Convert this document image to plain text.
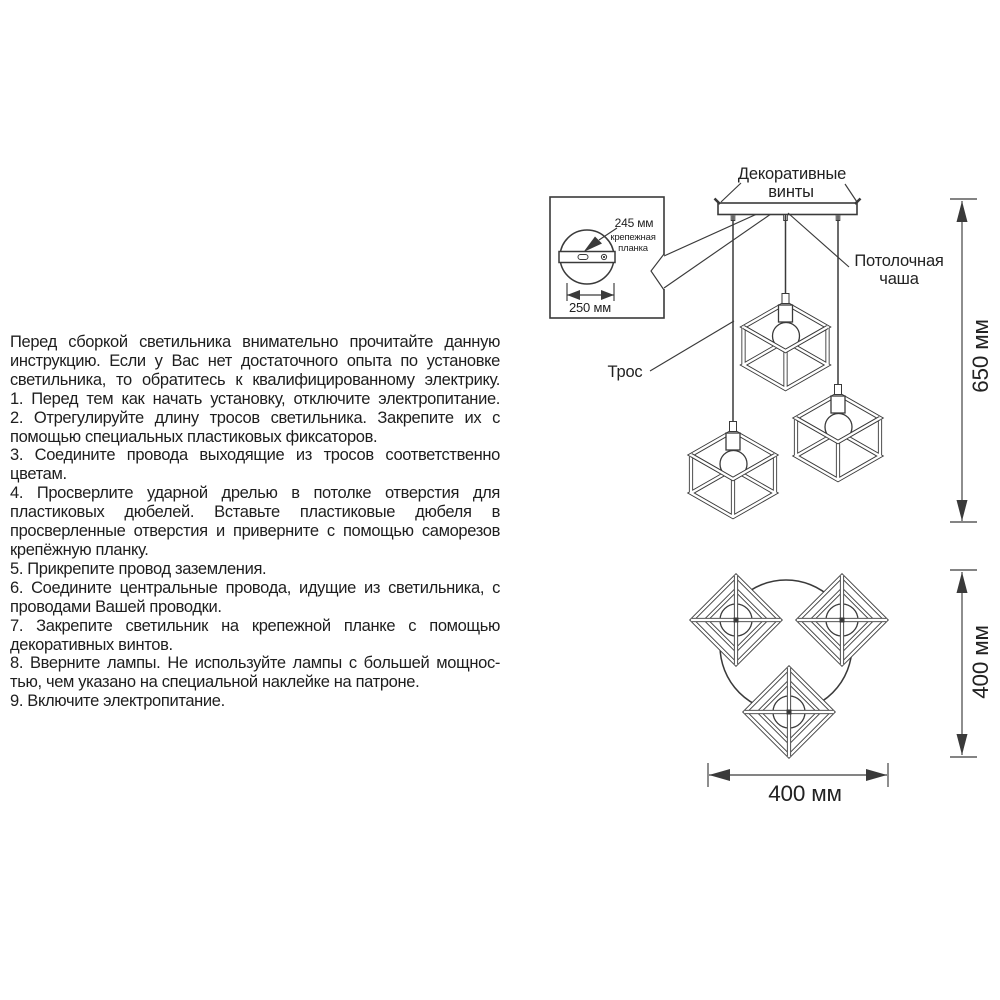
Перед сборкой светильника внимательно прочитайте данную
инструкцию. Если у Вас нет достаточного опыта по установке
светильника, то обратитесь к квалифицированному электрику.
1. Перед тем как начать установку, отключите электропитание.
2. Отрегулируйте длину тросов светильника. Закрепите их с
помощью специальных пластиковых фиксаторов.
3. Соедините провода выходящие из тросов соответственно
цветам.
4. Просверлите ударной дрелью в потолке отверстия для
пластиковых дюбелей. Вставьте пластиковые дюбеля в
просверленные отверстия и приверните с помощью саморезов
крепёжную планку.
5. Прикрепите провод заземления.
6. Соедините центральные провода, идущие из светильника, с
проводами Вашей проводки.
7. Закрепите светильник на крепежной планке с помощью
декоративных винтов.
8. Вверните лампы. Не используйте лампы с большей мощнос-
тью, чем указано на специальной наклейке на патроне.
9. Включите электропитание.
245 мм
крепежная
планка
250 мм
Декоративные
винты
Потолочная
чаша
Трос	650 мм
400 мм
400 мм
